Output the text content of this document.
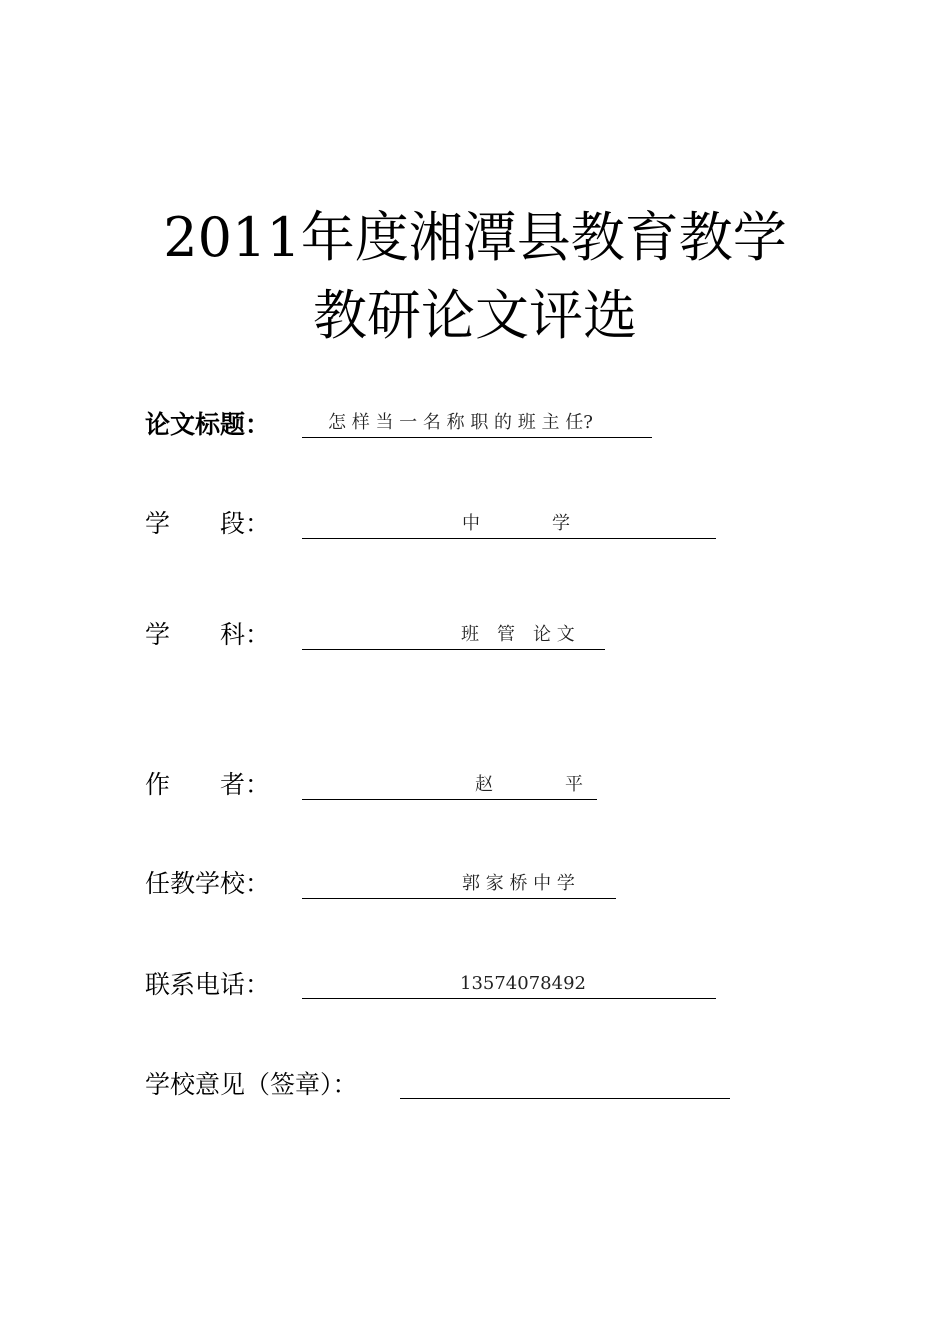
2011年度湘潭县教育教学
教研论文评选
论文标题：

	怎 样 当 一 名 称 职 的 班 主 任?

学　　段：

	中　　　　学

学　　科：

	班　管　论 文

作　　者：

	赵　　　　平

任教学校：

	郭 家 桥 中 学

联系电话：

	13574078492

学校意见（签章）：
